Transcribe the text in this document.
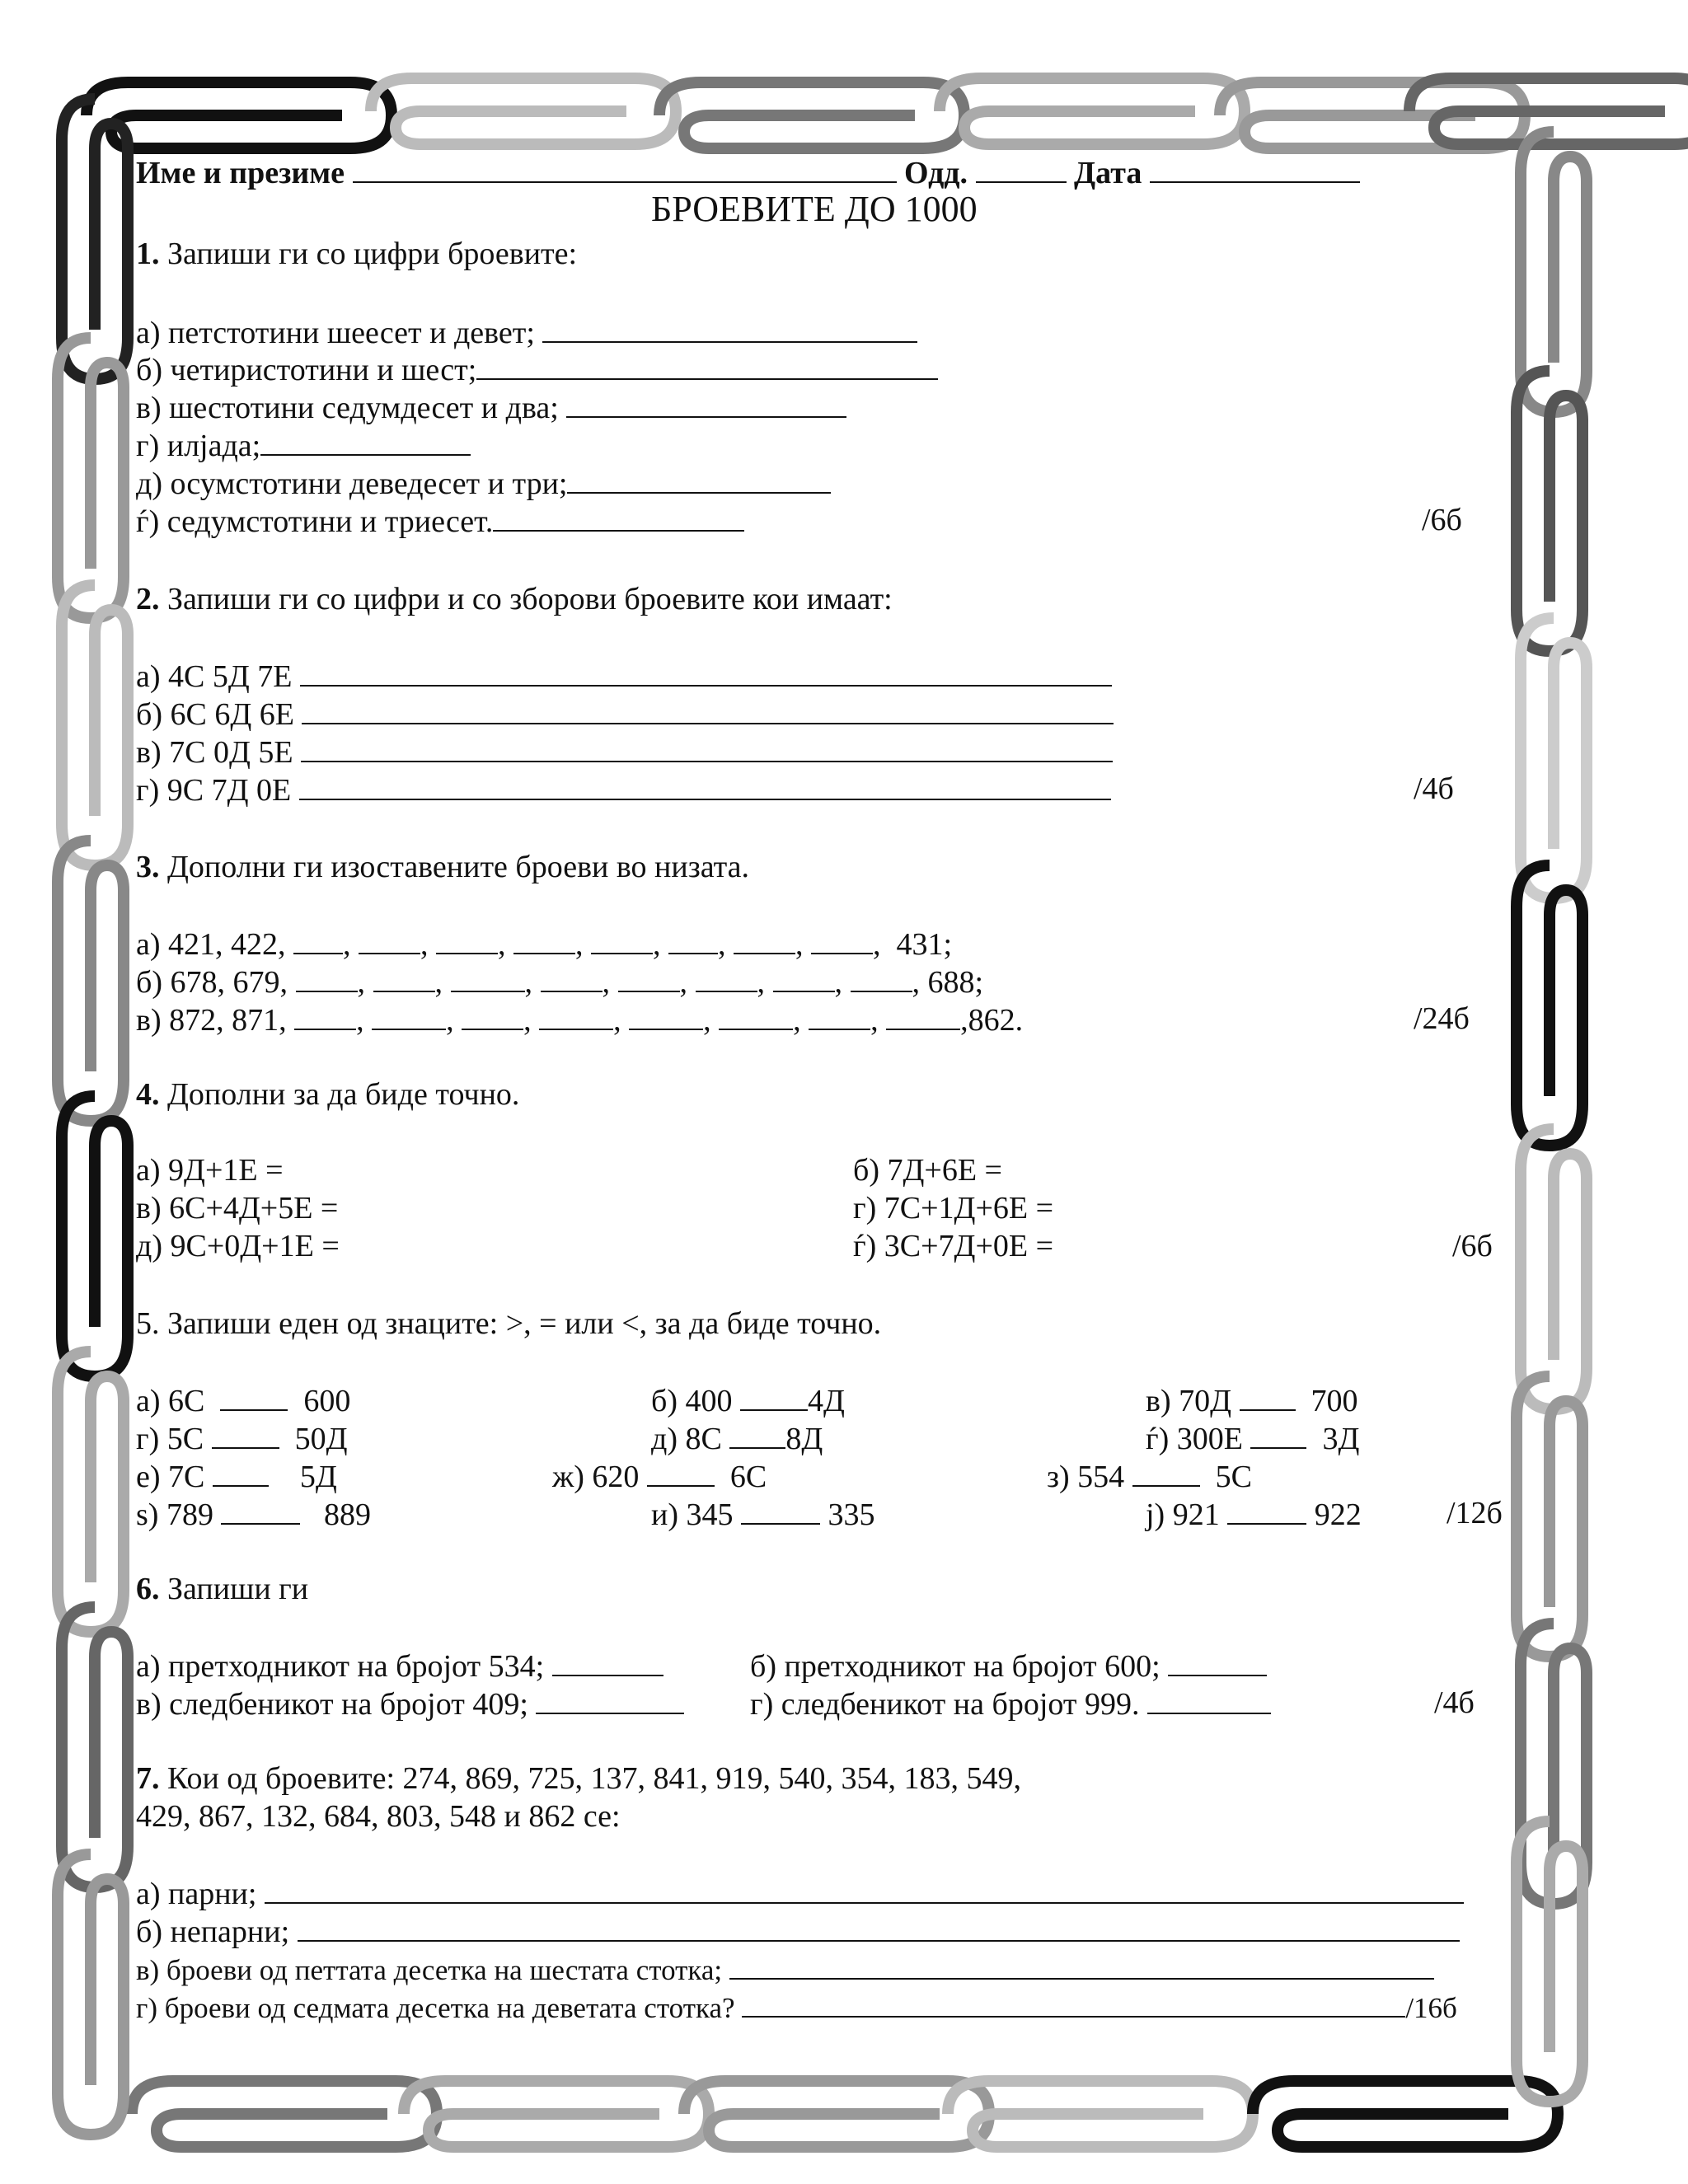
Име и презиме	Одд.	Дата
БРОЕВИТЕ ДО 1000
1. Запиши ги со цифри броевите:
а) петстотини шеесет и девет;
б) четиристотини и шест;
в) шестотини седумдесет и два;
г) илјада;
д) осумстотини деведесет и три;
ѓ) седумстотини и триесет.	/6б
2. Запиши ги со цифри и со зборови броевите кои имаат:
а) 4С 5Д 7Е
б) 6С 6Д 6Е
в) 7С 0Д 5Е
г) 9С 7Д 0Е	/4б
3. Дополни ги изоставените броеви во низата.
а) 421, 422, , , , , , , , ,  431;
б) 678, 679, , , , , , , , , 688;
в) 872, 871, , , , , , , , ,862.	/24б
4. Дополни за да биде точно.
а) 9Д+1Е =	б) 7Д+6Е =
в) 6С+4Д+5Е =	г) 7С+1Д+6Е =
д) 9С+0Д+1Е =	ѓ) 3С+7Д+0Е =	/6б
5. Запиши еден од знаците: >, = или <, за да биде точно.
а) 6С	600	б) 400 4Д	в) 70Д	700
г) 5С	50Д	д) 8С 8Д	ѓ) 300Е	3Д
е) 7С	5Д	ж) 620	6С	з) 554	5С
ѕ) 789	889	и) 345	335	ј) 921	922	/12б
6. Запиши ги
а) претходникот на бројот 534;	б) претходникот на бројот 600;
в) следбеникот на бројот 409;	г) следбеникот на бројот 999.	/4б
7. Кои од броевите: 274, 869, 725, 137, 841, 919, 540, 354, 183, 549,
429, 867, 132, 684, 803, 548 и 862 се:
а) парни;
б) непарни;
в) броеви од петтата десетка на шестата стотка;
г) броеви од седмата десетка на деветата стотка?	/16б
